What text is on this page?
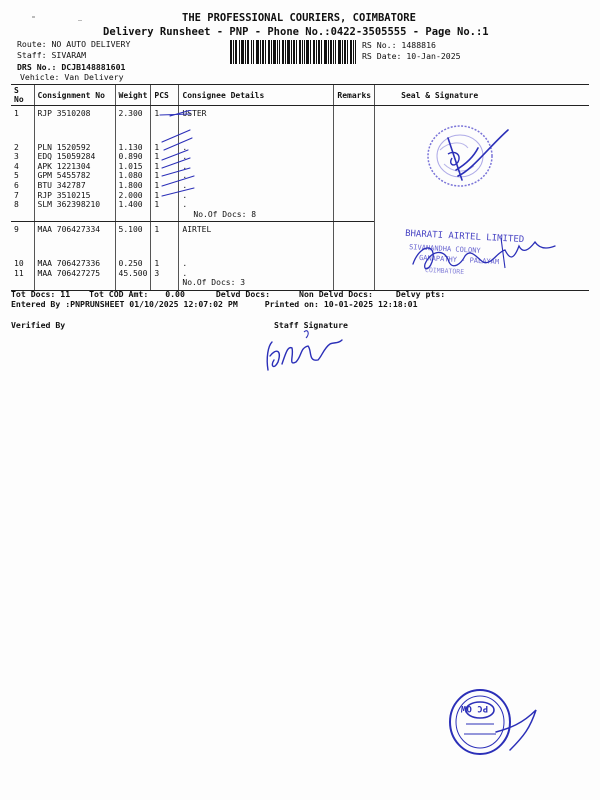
THE PROFESSIONAL COURIERS, COIMBATORE
Delivery Runsheet - PNP - Phone No.:0422-3505555 - Page No.:1
Route: NO AUTO DELIVERY
Staff: SIVARAM
DRS No.: DCJB148881601
Vehicle: Van Delivery
RS No.: 1488816
RS Date: 10-Jan-2025
S No	Consignment No	Weight	PCS	Consignee Details	Remarks	Seal & Signature
1	RJP 3510208	2.300	1	USTER		

2	PLN 1520592	1.130	1	.		
3	EDQ 15059284	0.890	1	.		
4	APK 1221304	1.015	1	.		
5	GPM 5455782	1.080	1	.		
6	BTU 342787	1.800	1	.		
7	RJP 3510215	2.000	1	.		
8	SLM 362398210	1.400	1	.		
				No.Of Docs: 8		
9	MAA 706427334	5.100	1	AIRTEL		

10	MAA 706427336	0.250	1	.		
11	MAA 706427275	45.500	3	.		
				No.Of Docs: 3		
BHARATI AIRTEL LIMITED
SIVANANDHA COLONY
GANAPATHY - PALAYAM
COIMBATORE
Tot Docs: 11 Tot COD Amt: 0.00	Delvd Docs:	Non Delvd Docs:	Delvy pts:
Entered By :PNPRUNSHEET 01/10/2025 12:07:02 PM	Printed on: 10-01-2025 12:18:01
Verified By	Staff Signature
PC OW
